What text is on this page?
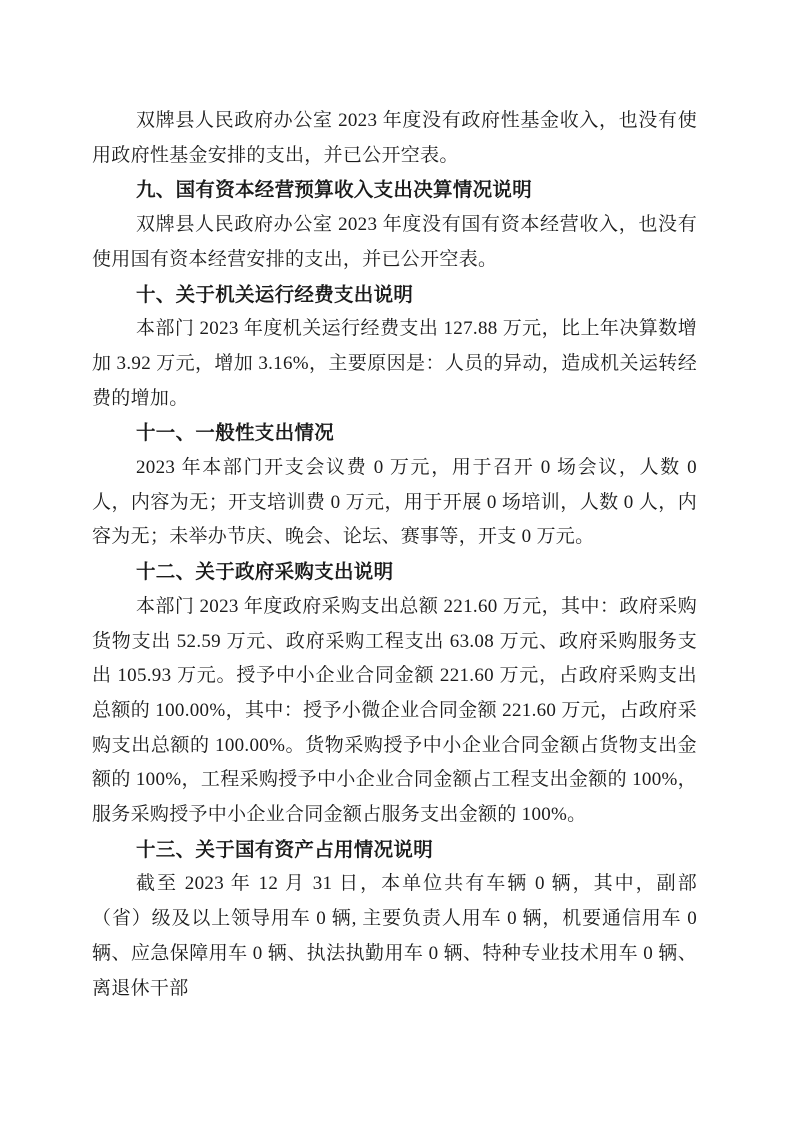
双牌县人民政府办公室 2023 年度没有政府性基金收入，也没有使用政府性基金安排的支出，并已公开空表。

九、国有资本经营预算收入支出决算情况说明

双牌县人民政府办公室 2023 年度没有国有资本经营收入，也没有使用国有资本经营安排的支出，并已公开空表。

十、关于机关运行经费支出说明

本部门 2023 年度机关运行经费支出 127.88 万元，比上年决算数增加 3.92 万元，增加 3.16%，主要原因是：人员的异动，造成机关运转经费的增加。

十一、一般性支出情况

2023 年本部门开支会议费 0 万元，用于召开 0 场会议，人数 0 人，内容为无；开支培训费 0 万元，用于开展 0 场培训，人数 0 人，内容为无；未举办节庆、晚会、论坛、赛事等，开支 0 万元。

十二、关于政府采购支出说明

本部门 2023 年度政府采购支出总额 221.60 万元，其中：政府采购货物支出 52.59 万元、政府采购工程支出 63.08 万元、政府采购服务支出 105.93 万元。授予中小企业合同金额 221.60 万元，占政府采购支出总额的 100.00%，其中：授予小微企业合同金额 221.60 万元，占政府采购支出总额的 100.00%。货物采购授予中小企业合同金额占货物支出金额的 100%，工程采购授予中小企业合同金额占工程支出金额的 100%，服务采购授予中小企业合同金额占服务支出金额的 100%。

十三、关于国有资产占用情况说明

截至 2023 年 12 月 31 日，本单位共有车辆 0 辆，其中，副部（省）级及以上领导用车 0 辆, 主要负责人用车 0 辆，机要通信用车 0 辆、应急保障用车 0 辆、执法执勤用车 0 辆、特种专业技术用车 0 辆、离退休干部
